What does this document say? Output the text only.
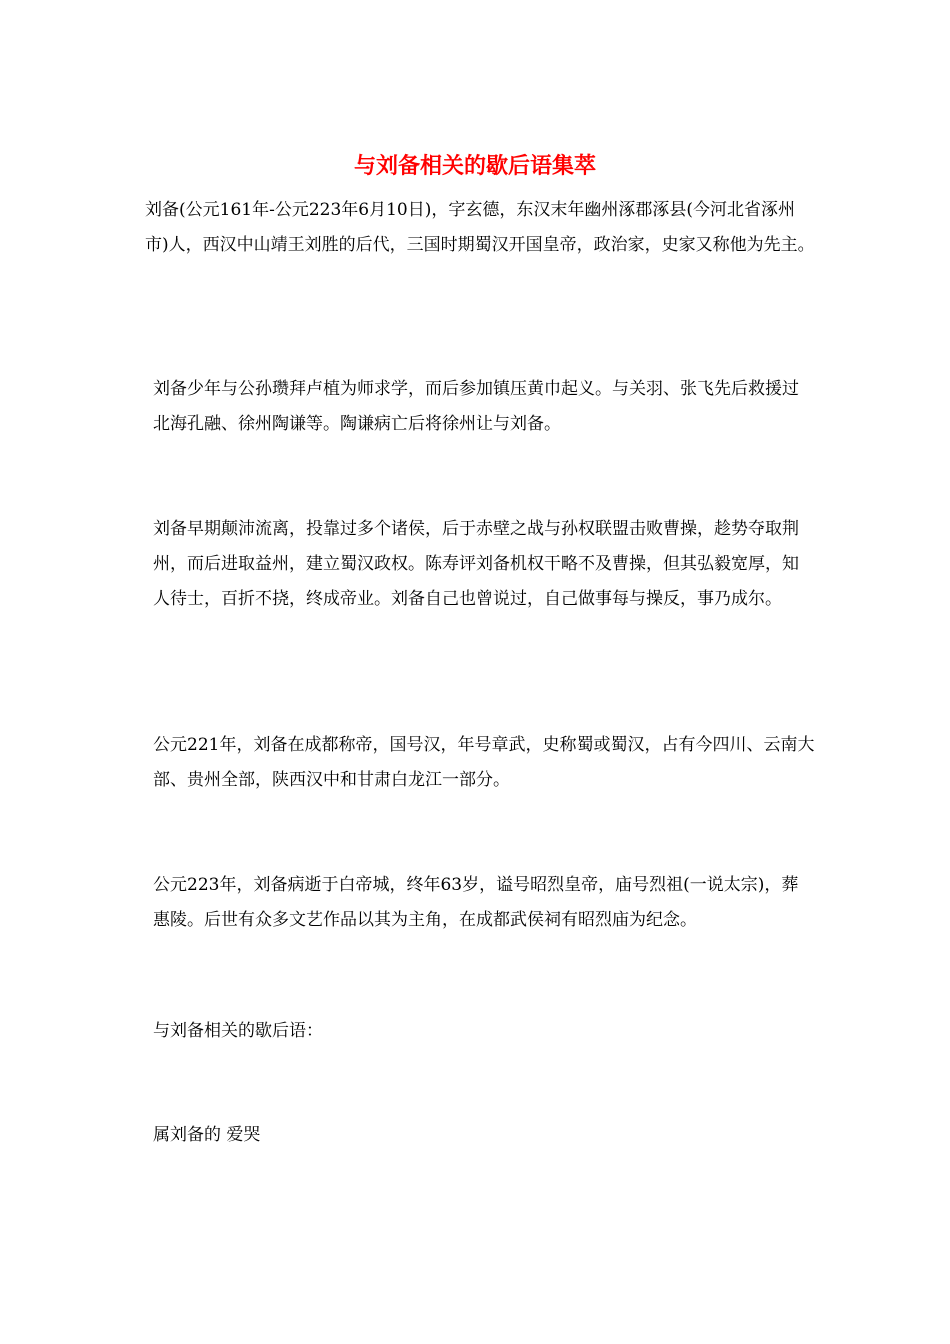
与刘备相关的歇后语集萃

刘备(公元161年-公元223年6月10日)，字玄德，东汉末年幽州涿郡涿县(今河北省涿州市)人，西汉中山靖王刘胜的后代，三国时期蜀汉开国皇帝，政治家，史家又称他为先主。

刘备少年与公孙瓒拜卢植为师求学，而后参加镇压黄巾起义。与关羽、张飞先后救援过北海孔融、徐州陶谦等。陶谦病亡后将徐州让与刘备。

刘备早期颠沛流离，投靠过多个诸侯，后于赤壁之战与孙权联盟击败曹操，趁势夺取荆州，而后进取益州，建立蜀汉政权。陈寿评刘备机权干略不及曹操，但其弘毅宽厚，知人待士，百折不挠，终成帝业。刘备自己也曾说过，自己做事每与操反，事乃成尔。

公元221年，刘备在成都称帝，国号汉，年号章武，史称蜀或蜀汉，占有今四川、云南大部、贵州全部，陕西汉中和甘肃白龙江一部分。

公元223年，刘备病逝于白帝城，终年63岁，谥号昭烈皇帝，庙号烈祖(一说太宗)，葬惠陵。后世有众多文艺作品以其为主角，在成都武侯祠有昭烈庙为纪念。

与刘备相关的歇后语：

属刘备的 爱哭
